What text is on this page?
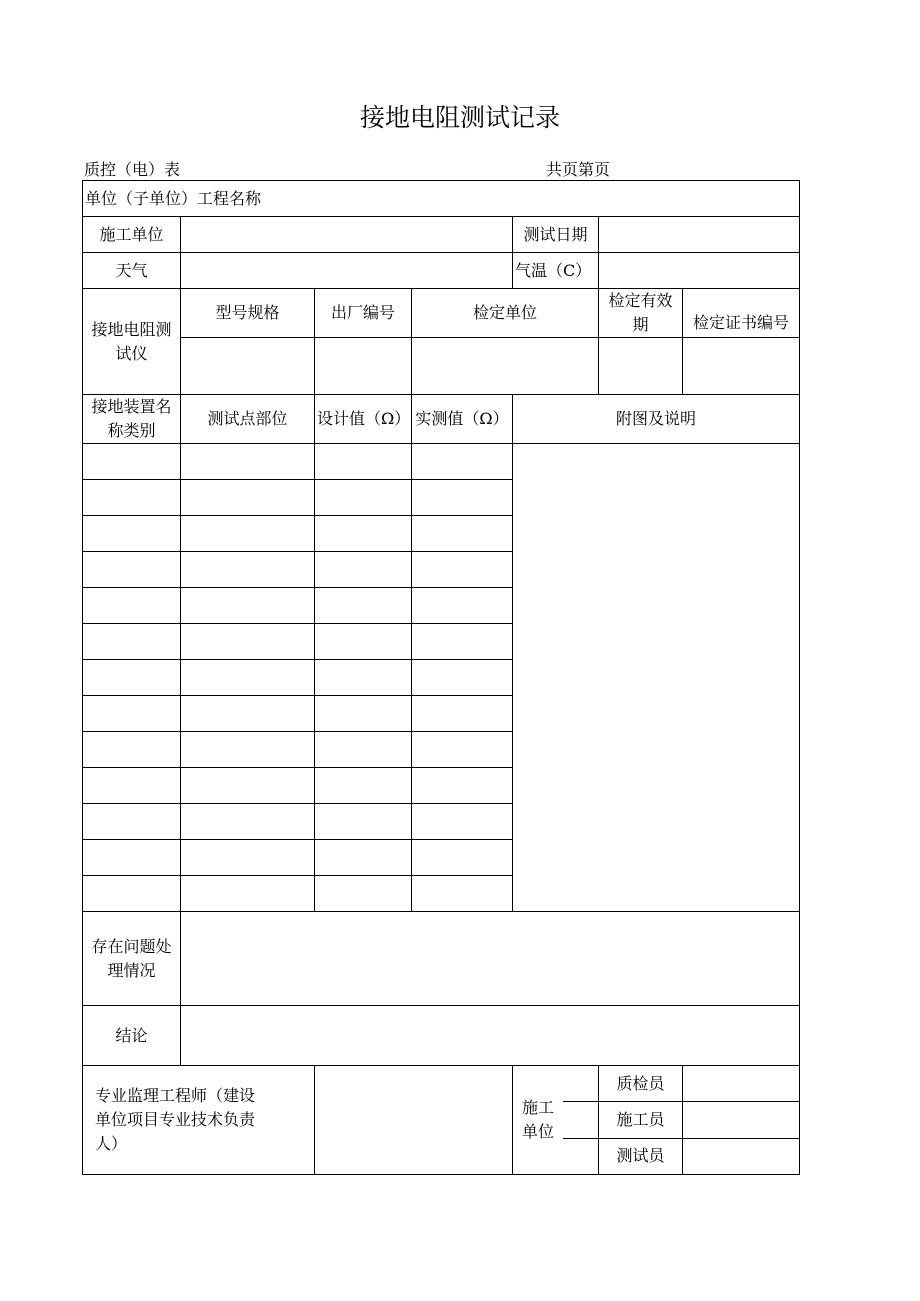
接地电阻测试记录
质控（电）表	共页第页
单位（子单位）工程名称						
施工单位				测试日期		
天气				气温（C）		
接地电阻测试仪	型号规格	出厂编号	检定单位		检定有效期	检定证书编号

接地装置名称类别	测试点部位	设计值（Ω）	实测值（Ω）	附图及说明		

存在问题处理情况						
结论						

专业监理工程师（建设单位项目专业技术负责人）				施工单位	质检员	
					施工员	
					测试员	
